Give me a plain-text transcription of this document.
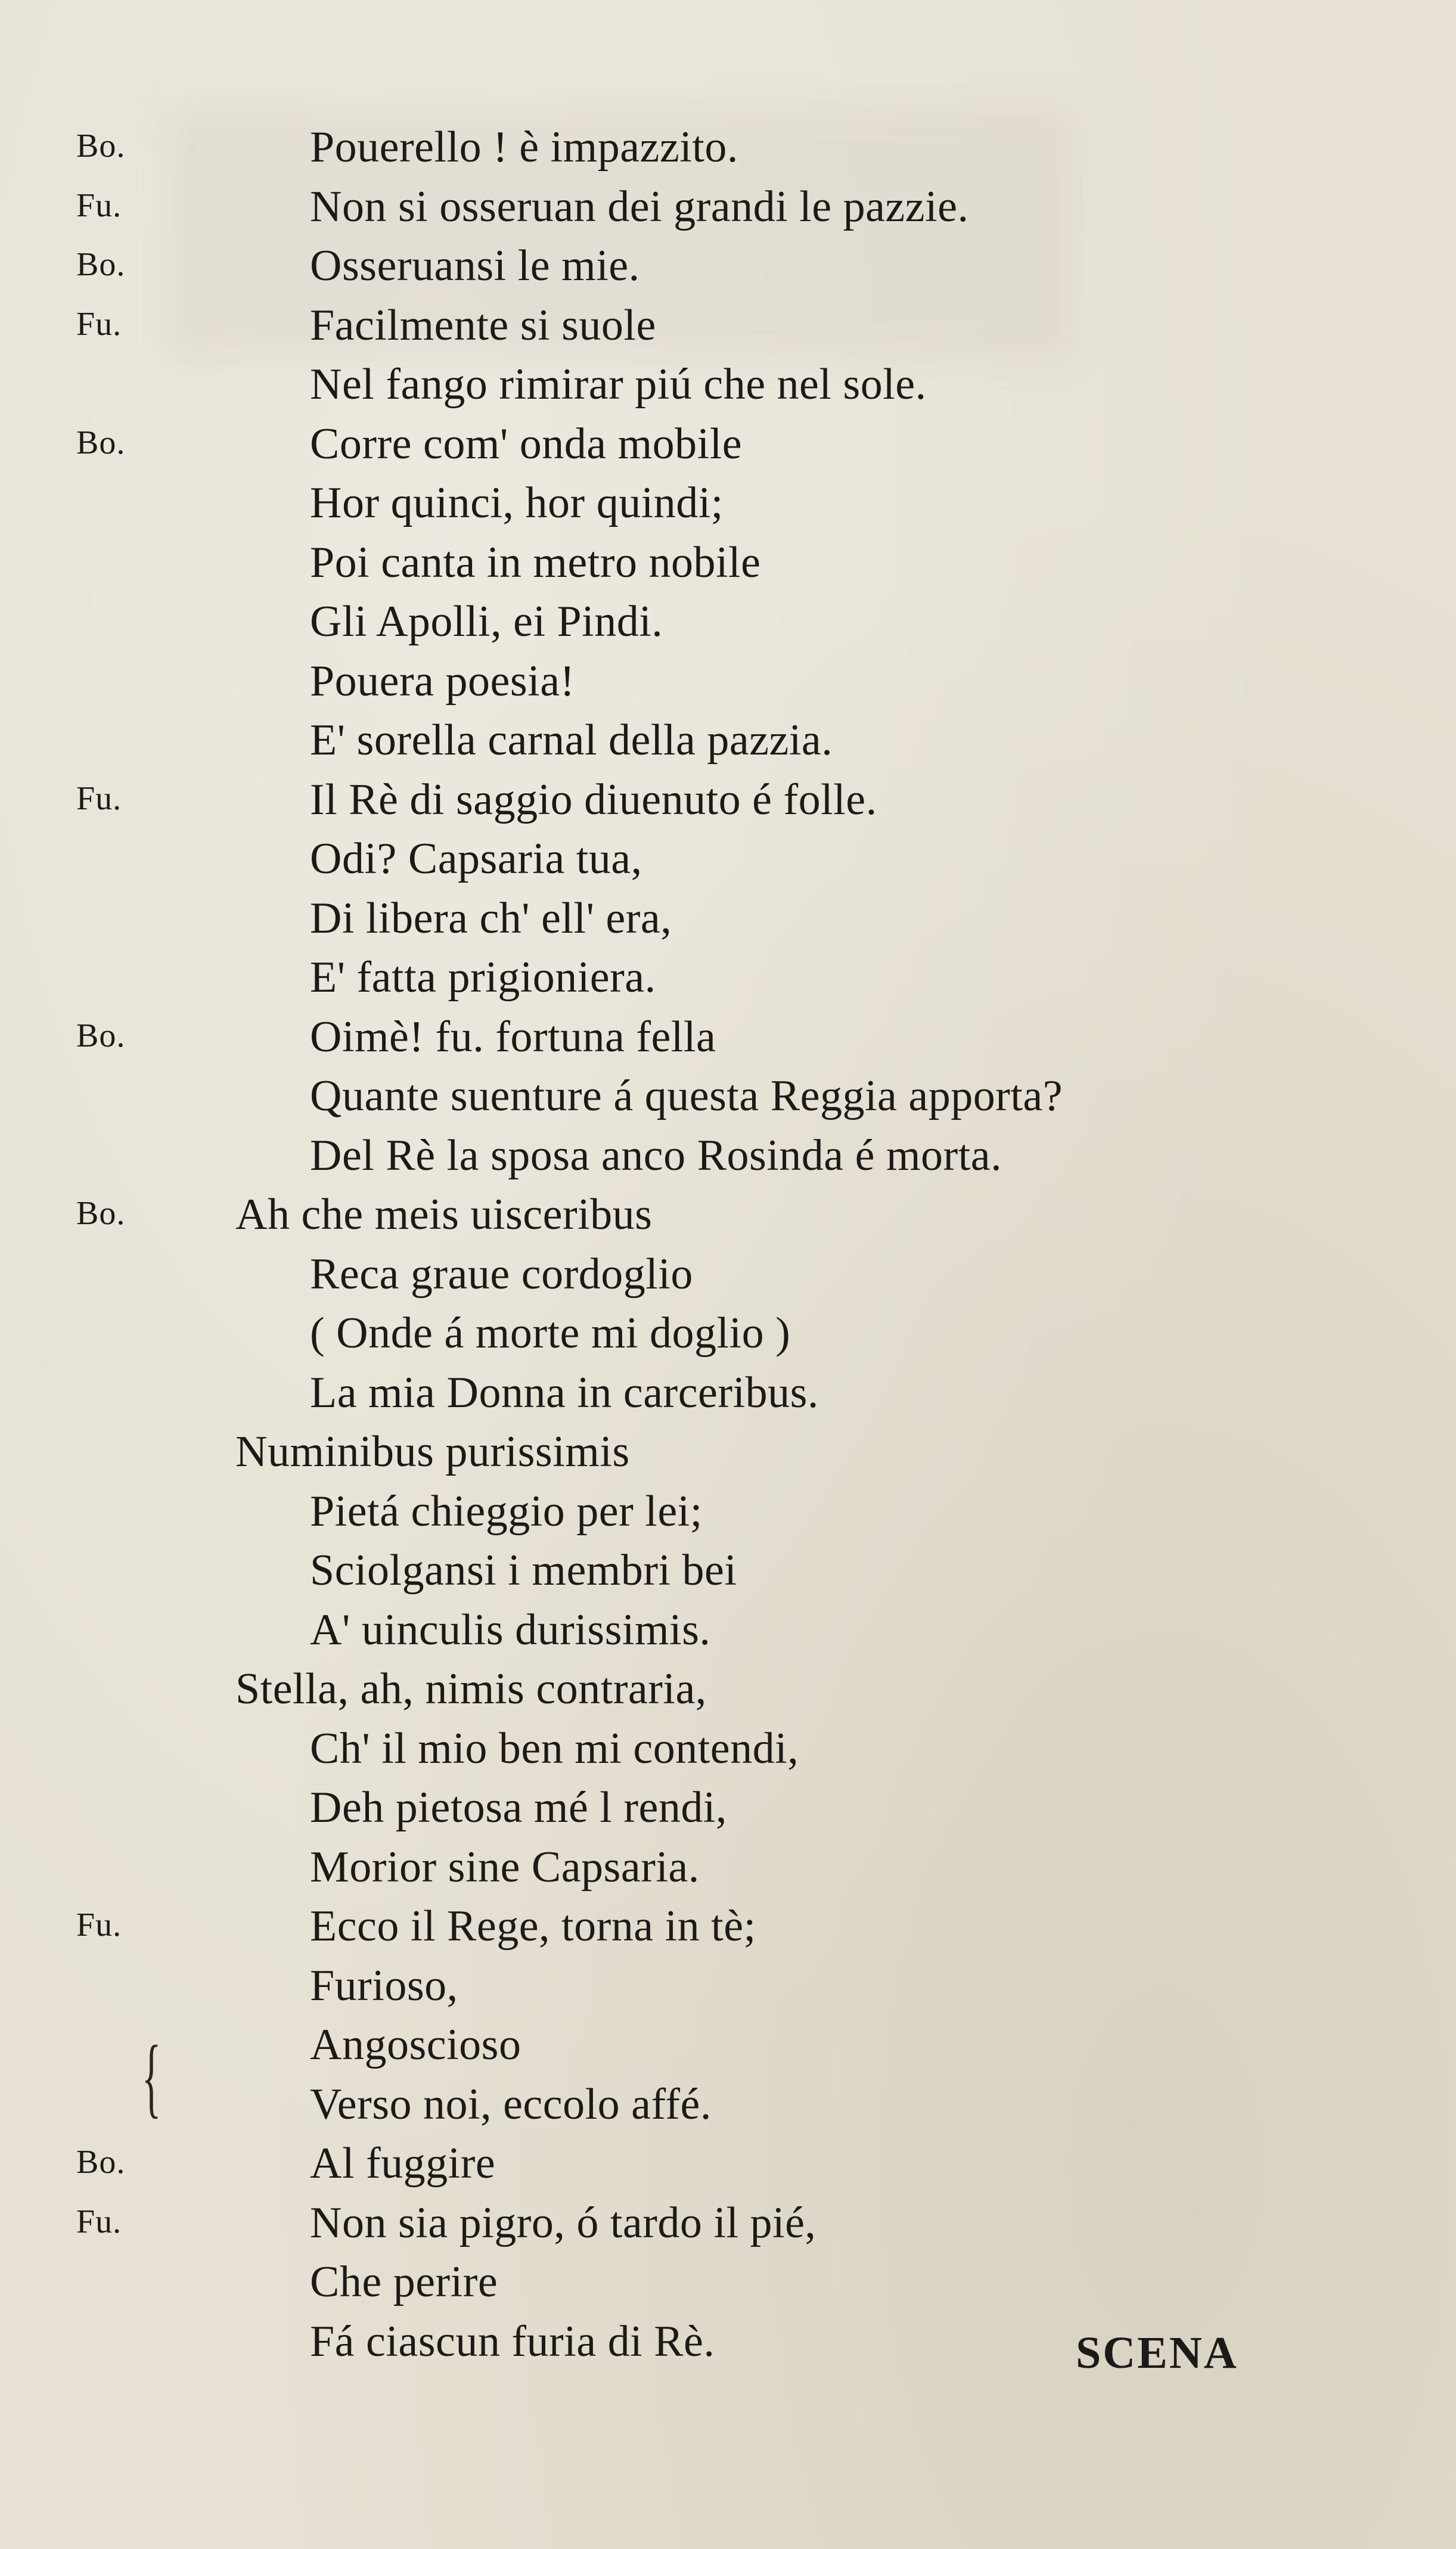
Bo.	Pouerello ! è impazzito.
Fu.	Non si osseruan dei grandi le pazzie.
Bo.	Osseruansi le mie.
Fu.	Facilmente si suole
Nel fango rimirar piú che nel sole.
Bo.	Corre com' onda mobile
Hor quinci, hor quindi;
Poi canta in metro nobile
Gli Apolli, ei Pindi.
Pouera poesia!
E' sorella carnal della pazzia.
Fu.	Il Rè di saggio diuenuto é folle.
Odi? Capsaria tua,
Di libera ch' ell' era,
E' fatta prigioniera.
Bo.	Oimè! fu. fortuna fella
Quante suenture á questa Reggia apporta?
Del Rè la sposa anco Rosinda é morta.
Bo. Ah che meis uisceribus
Reca graue cordoglio
( Onde á morte mi doglio )
La mia Donna in carceribus.
Numinibus purissimis
Pietá chieggio per lei;
Sciolgansi i membri bei
A' uinculis durissimis.
Stella, ah, nimis contraria,
Ch' il mio ben mi contendi,
Deh pietosa mé l rendi,
Morior sine Capsaria.
Fu.	Ecco il Rege, torna in tè;
Furioso,
Angoscioso
Verso noi, eccolo affé.
Bo.	Al fuggire
Fu.	Non sia pigro, ó tardo il pié,
Che perire
Fá ciascun furia di Rè.
{
SCENA
